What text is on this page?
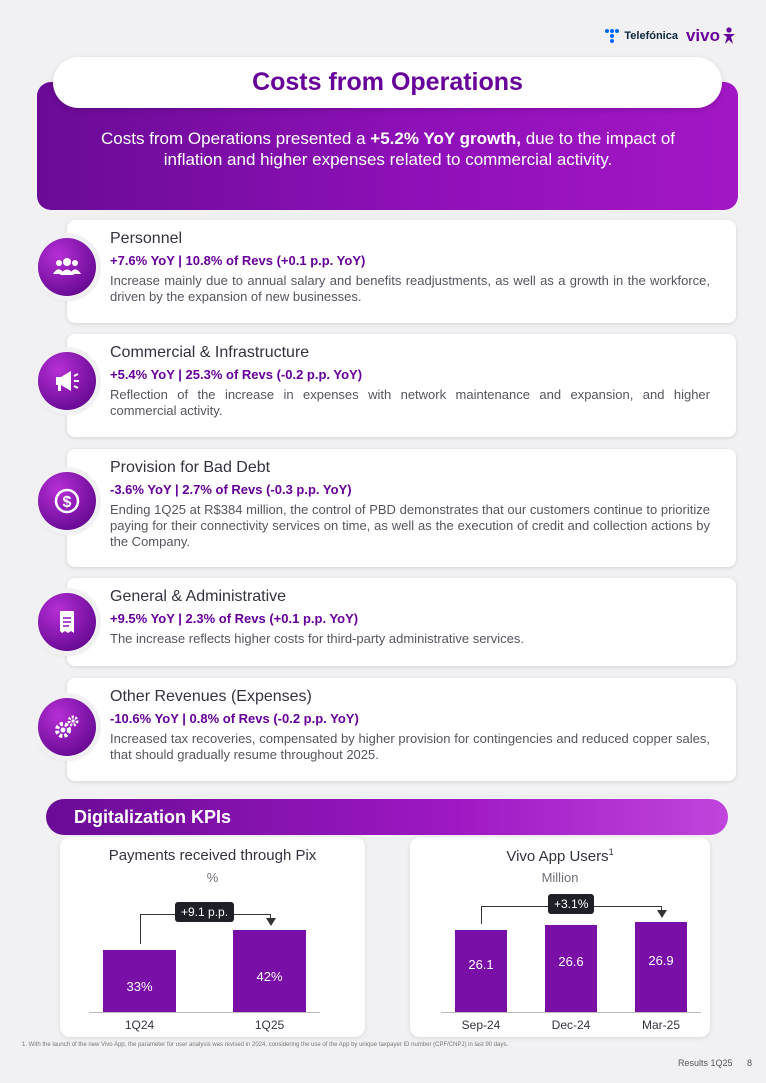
Telefónica vivo
Costs from Operations
Costs from Operations presented a +5.2% YoY growth, due to the impact of inflation and higher expenses related to commercial activity.
Personnel
+7.6% YoY | 10.8% of Revs (+0.1 p.p. YoY)

Increase mainly due to annual salary and benefits readjustments, as well as a growth in the workforce, driven by the expansion of new businesses.

Commercial & Infrastructure
+5.4% YoY | 25.3% of Revs (-0.2 p.p. YoY)

Reflection of the increase in expenses with network maintenance and expansion, and higher commercial activity.

Provision for Bad Debt
-3.6% YoY | 2.7% of Revs (-0.3 p.p. YoY)

Ending 1Q25 at R$384 million, the control of PBD demonstrates that our customers continue to prioritize paying for their connectivity services on time, as well as the execution of credit and collection actions by the Company.

$
General & Administrative
+9.5% YoY | 2.3% of Revs (+0.1 p.p. YoY)

The increase reflects higher costs for third-party administrative services.

Other Revenues (Expenses)
-10.6% YoY | 0.8% of Revs (-0.2 p.p. YoY)

Increased tax recoveries, compensated by higher provision for contingencies and reduced copper sales, that should gradually resume throughout 2025.

Digitalization KPIs
Payments received through Pix
%
33%
1Q24
42%
1Q25
+9.1 p.p.
Vivo App Users$^1$
Million
26.1
Sep-24
26.6
Dec-24
26.9
Mar-25
+3.1%
1. With the launch of the new Vivo App, the parameter for user analysis was revised in 2024, considering the use of the App by unique taxpayer ID number (CPF/CNPJ) in last 90 days.
Results 1Q25 8
